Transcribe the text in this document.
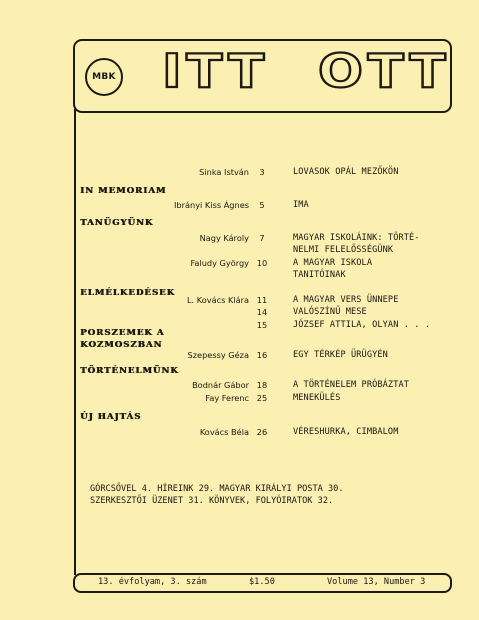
MBK ITT OTT
Sinka István	3	LOVASOK OPÁL MEZŐKÖN
IN MEMORIAM
Ibrányi Kiss Ágnes	5	IMA
TANÜGYÜNK
Nagy Károly	7	MAGYAR ISKOLÁINK: TÖRTÉ-
NELMI FELELŐSSÉGÜNK
Faludy György 10	A MAGYAR ISKOLA
TANITÓINAK
ELMÉLKEDÉSEK
L. Kovács Klára 11	A MAGYAR VERS ÜNNEPE
14	VALÓSZÍNŰ MESE
15	JÓZSEF ATTILA, OLYAN . . .
PORSZEMEK A
KOZMOSZBAN
Szepessy Géza 16	EGY TÉRKÉP ÜRÜGYÉN
TÖRTÉNELMÜNK
Bodnár Gábor 18	A TÖRTÉNELEM PRÓBÁZTAT
Fay Ferenc 25	MENEKÜLÉS
ÚJ HAJTÁS
Kovács Béla 26	VÉRESHURKA, CIMBALOM
GÓRCSŐVEL 4. HÍREINK 29. MAGYAR KIRÁLYI POSTA 30.
SZERKESZTŐI ÜZENET 31. KÖNYVEK, FOLYÓIRATOK 32.
13. évfolyam, 3. szám	$1.50	Volume 13, Number 3
